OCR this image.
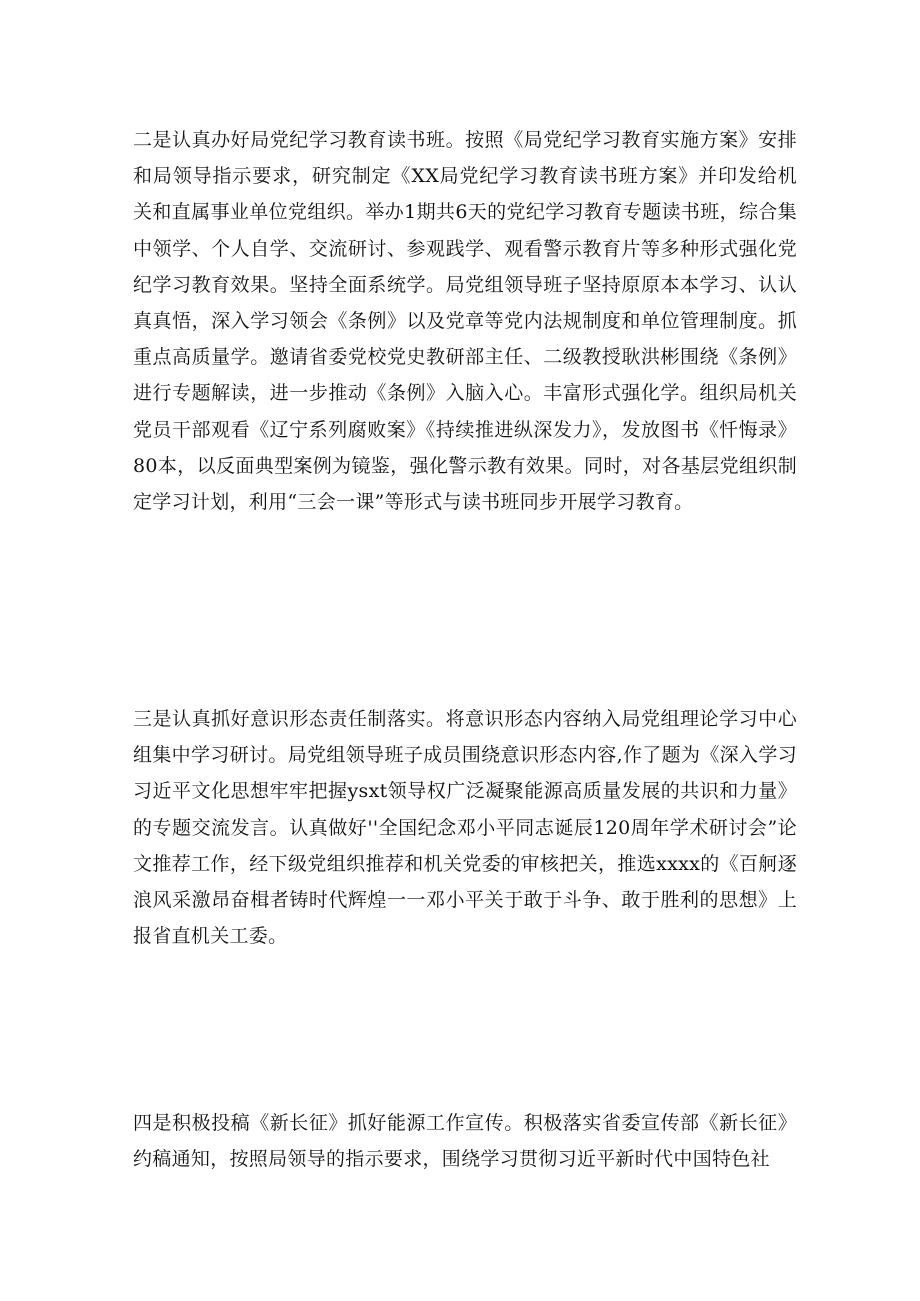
二是认真办好局党纪学习教育读书班。按照《局党纪学习教育实施方案》安排和局领导指示要求，研究制定《XX局党纪学习教育读书班方案》并印发给机关和直属事业单位党组织。举办1期共6天的党纪学习教育专题读书班，综合集中领学、个人自学、交流研讨、参观践学、观看警示教育片等多种形式强化党纪学习教育效果。坚持全面系统学。局党组领导班子坚持原原本本学习、认认真真悟，深入学习领会《条例》以及党章等党内法规制度和单位管理制度。抓重点高质量学。邀请省委党校党史教研部主任、二级教授耿洪彬围绕《条例》进行专题解读，进一步推动《条例》入脑入心。丰富形式强化学。组织局机关党员干部观看《辽宁系列腐败案》《持续推进纵深发力》，发放图书《忏悔录》80本，以反面典型案例为镜鉴，强化警示教有效果。同时，对各基层党组织制定学习计划，利用“三会一课”等形式与读书班同步开展学习教育。

三是认真抓好意识形态责任制落实。将意识形态内容纳入局党组理论学习中心组集中学习研讨。局党组领导班子成员围绕意识形态内容,作了题为《深入学习习近平文化思想牢牢把握ysxt领导权广泛凝聚能源高质量发展的共识和力量》的专题交流发言。认真做好''全国纪念邓小平同志诞辰120周年学术研讨会”论文推荐工作，经下级党组织推荐和机关党委的审核把关，推选xxxx的《百舸逐浪风采激昂奋楫者铸时代辉煌一一邓小平关于敢于斗争、敢于胜利的思想》上报省直机关工委。

四是积极投稿《新长征》抓好能源工作宣传。积极落实省委宣传部《新长征》约稿通知，按照局领导的指示要求，围绕学习贯彻习近平新时代中国特色社
